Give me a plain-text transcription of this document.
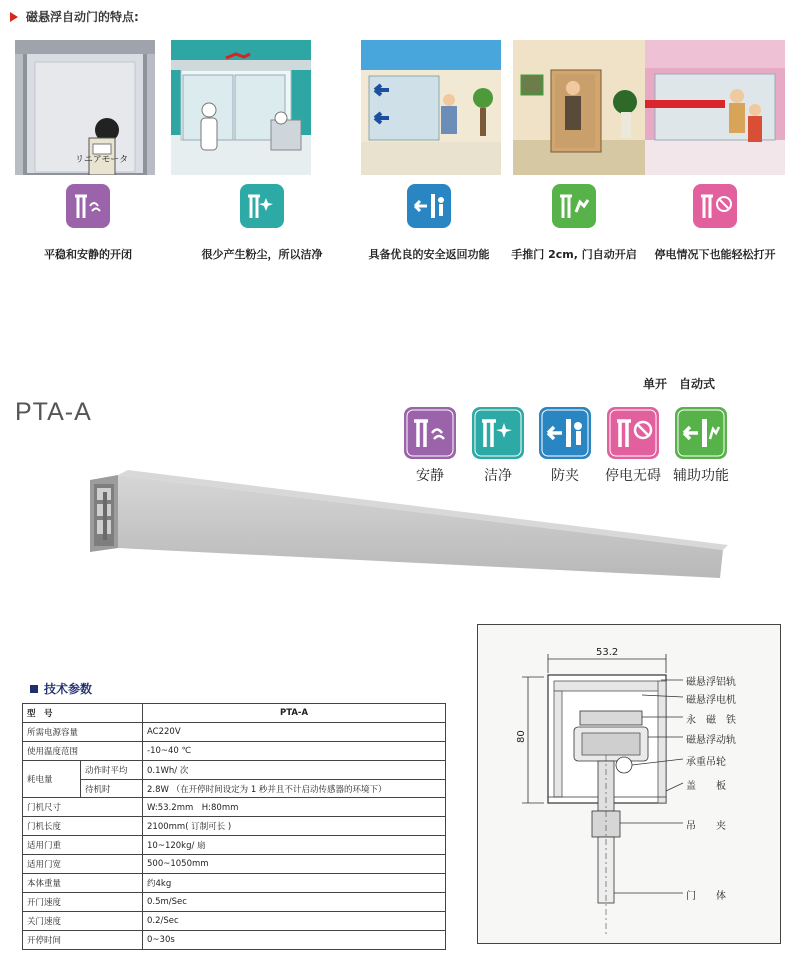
磁悬浮自动门的特点:
リニアモータ
平稳和安静的开闭	很少产生粉尘，所以洁净	具备优良的安全返回功能	手推门 2cm, 门自动开启	停电情况下也能轻松打开
PTA-A
单开　自动式
安静	洁净	防夹	停电无碍 辅助功能
技术参数
型　号		PTA-A
所需电源容量		AC220V
使用温度范围		-10~40 ℃
耗电量	动作时平均	0.1Wh/ 次
	待机时	2.8W （在开停时间设定为 1 秒并且不计启动传感器的环境下）
门机尺寸		W:53.2mm　H:80mm
门机长度		2100mm( 订制可长 )
适用门重		10~120kg/ 扇
适用门宽		500~1050mm
本体重量		约4kg
开门速度		0.5m/Sec
关门速度		0.2/Sec
开停时间		0~30s
53.2
80
磁悬浮铝轨
磁悬浮电机
永　磁　铁
磁悬浮动轨
承重吊轮
盖　　板
吊　　夹
门　　体
